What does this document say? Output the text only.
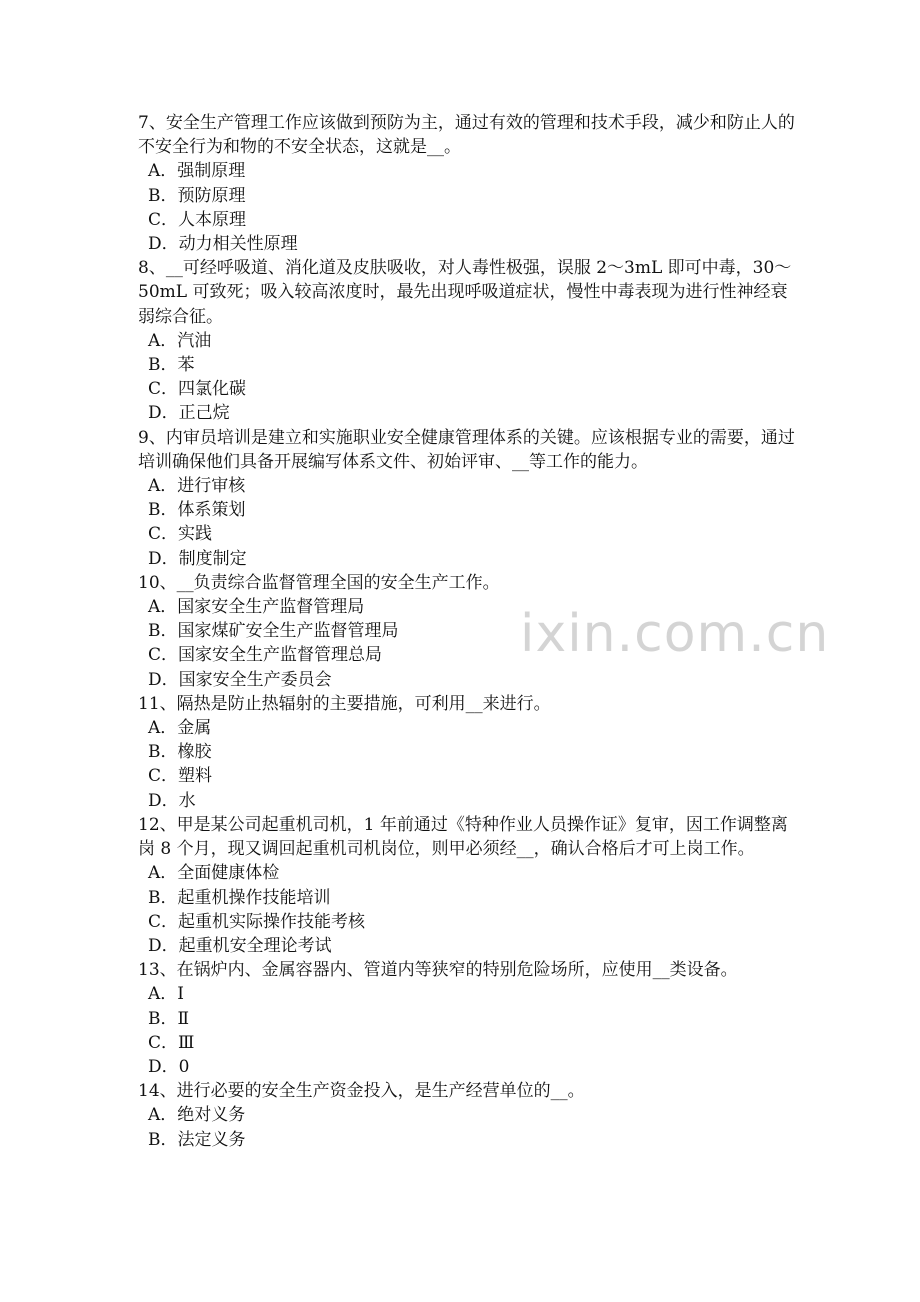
7、安全生产管理工作应该做到预防为主，通过有效的管理和技术手段，减少和防止人的不安全行为和物的不安全状态，这就是__。

A．强制原理

B．预防原理

C．人本原理

D．动力相关性原理

8、__可经呼吸道、消化道及皮肤吸收，对人毒性极强，误服 2～3mL 即可中毒，30～ 50mL 可致死；吸入较高浓度时，最先出现呼吸道症状，慢性中毒表现为进行性神经衰弱综合征。

A．汽油

B．苯

C．四氯化碳

D．正己烷

9、内审员培训是建立和实施职业安全健康管理体系的关键。应该根据专业的需要，通过培训确保他们具备开展编写体系文件、初始评审、__等工作的能力。

A．进行审核

B．体系策划

C．实践

D．制度制定

10、__负责综合监督管理全国的安全生产工作。

A．国家安全生产监督管理局

B．国家煤矿安全生产监督管理局

C．国家安全生产监督管理总局

D．国家安全生产委员会

11、隔热是防止热辐射的主要措施，可利用__来进行。

A．金属

B．橡胶

C．塑料

D．水

12、甲是某公司起重机司机，1 年前通过《特种作业人员操作证》复审，因工作调整离岗 8 个月，现又调回起重机司机岗位，则甲必须经__，确认合格后才可上岗工作。

A．全面健康体检

B．起重机操作技能培训

C．起重机实际操作技能考核

D．起重机安全理论考试

13、在锅炉内、金属容器内、管道内等狭窄的特别危险场所，应使用__类设备。

A．Ⅰ

B．Ⅱ

C．Ⅲ

D．0

14、进行必要的安全生产资金投入，是生产经营单位的__。

A．绝对义务

B．法定义务

ixin.com.cn
